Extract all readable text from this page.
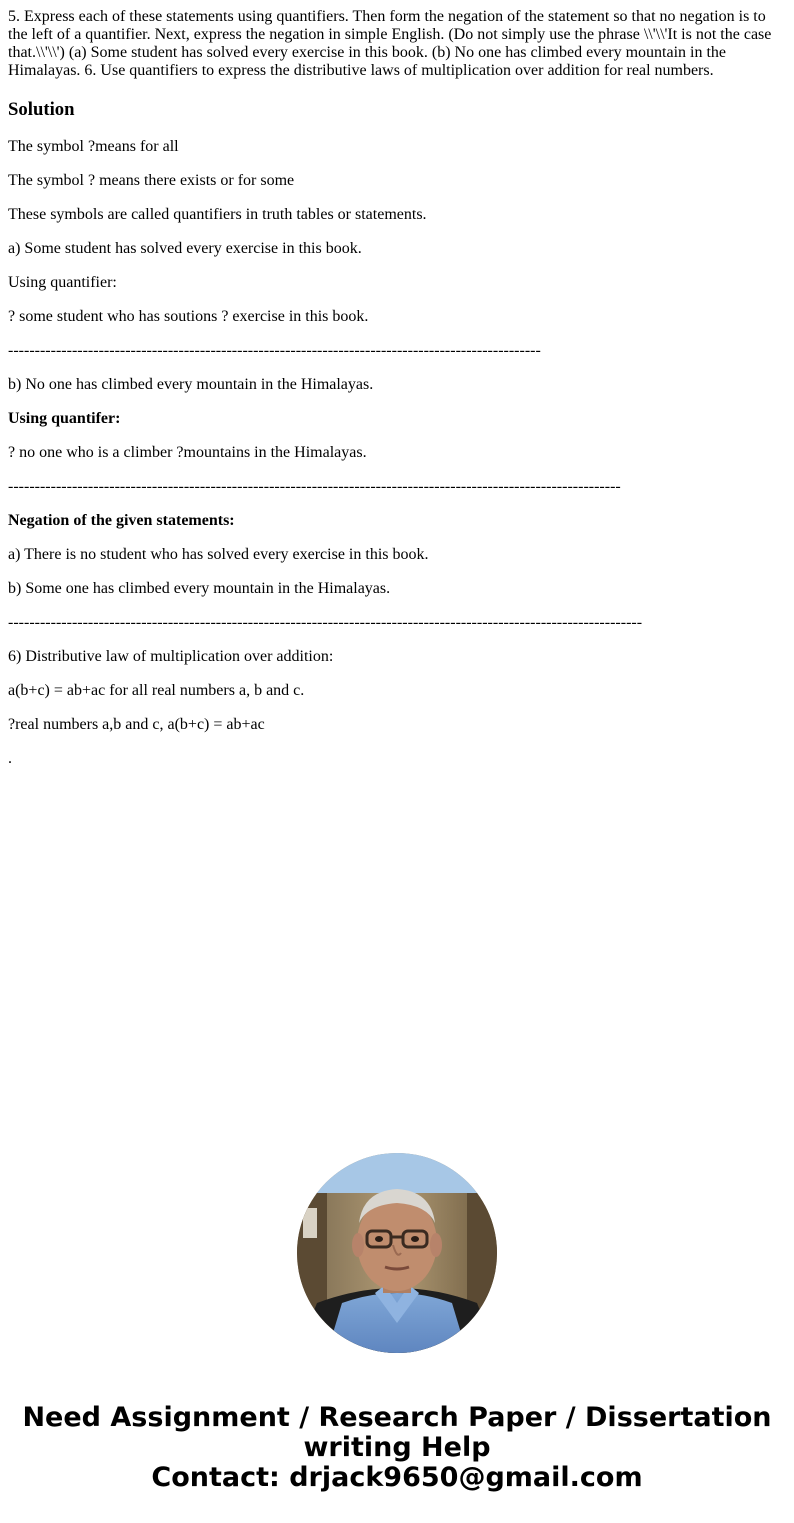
5. Express each of these statements using quantifiers. Then form the negation of the statement so that no negation is to the left of a quantifier. Next, express the negation in simple English. (Do not simply use the phrase \\'\\'It is not the case that.\\'\\') (a) Some student has solved every exercise in this book. (b) No one has climbed every mountain in the Himalayas. 6. Use quantifiers to express the distributive laws of multiplication over addition for real numbers.
Solution

The symbol ?means for all

The symbol ? means there exists or for some

These symbols are called quantifiers in truth tables or statements.

a) Some student has solved every exercise in this book.

Using quantifier:

? some student who has soutions ? exercise in this book.

----------------------------------------------------------------------------------------------------

b) No one has climbed every mountain in the Himalayas.

Using quantifer:

? no one who is a climber ?mountains in the Himalayas.

-------------------------------------------------------------------------------------------------------------------

Negation of the given statements:

a) There is no student who has solved every exercise in this book.

b) Some one has climbed every mountain in the Himalayas.

-----------------------------------------------------------------------------------------------------------------------

6) Distributive law of multiplication over addition:

a(b+c) = ab+ac for all real numbers a, b and c.

?real numbers a,b and c, a(b+c) = ab+ac

.

Need Assignment / Research Paper / Dissertation writing Help
Contact: drjack9650@gmail.com
